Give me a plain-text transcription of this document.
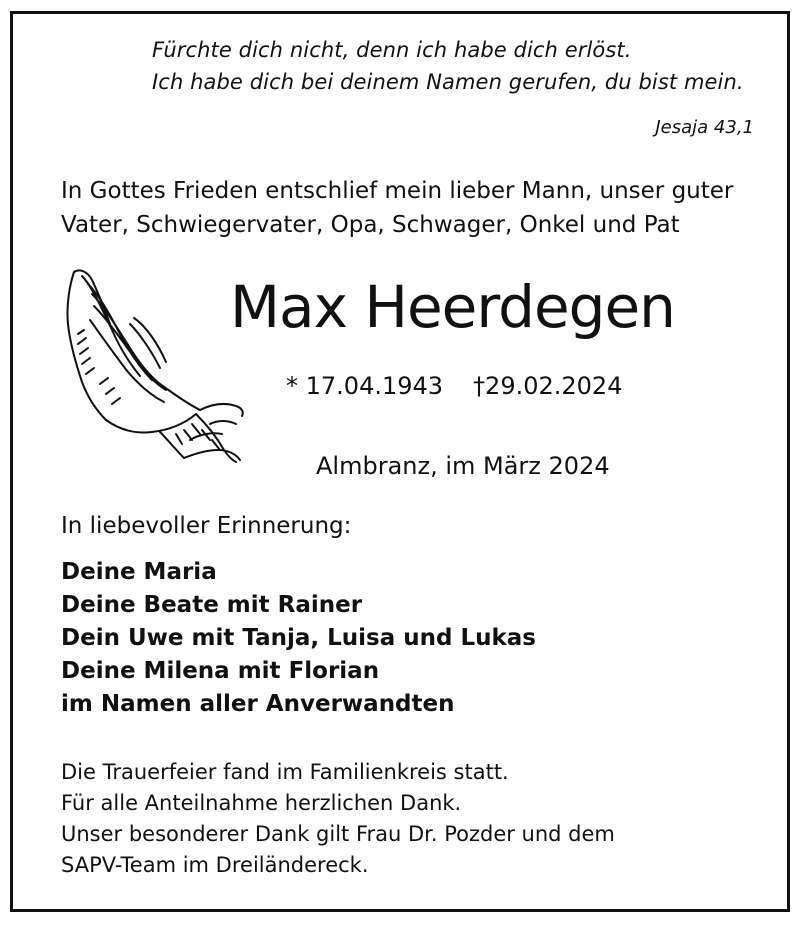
Fürchte dich nicht, denn ich habe dich erlöst.
Ich habe dich bei deinem Namen gerufen, du bist mein.
Jesaja 43,1
In Gottes Frieden entschlief mein lieber Mann, unser guter
Vater, Schwiegervater, Opa, Schwager, Onkel und Pat
Max Heerdegen
* 17.04.1943 †29.02.2024
Almbranz, im März 2024
In liebevoller Erinnerung:
Deine Maria
Deine Beate mit Rainer
Dein Uwe mit Tanja, Luisa und Lukas
Deine Milena mit Florian
im Namen aller Anverwandten
Die Trauerfeier fand im Familienkreis statt.
Für alle Anteilnahme herzlichen Dank.
Unser besonderer Dank gilt Frau Dr. Pozder und dem
SAPV-Team im Dreiländereck.
